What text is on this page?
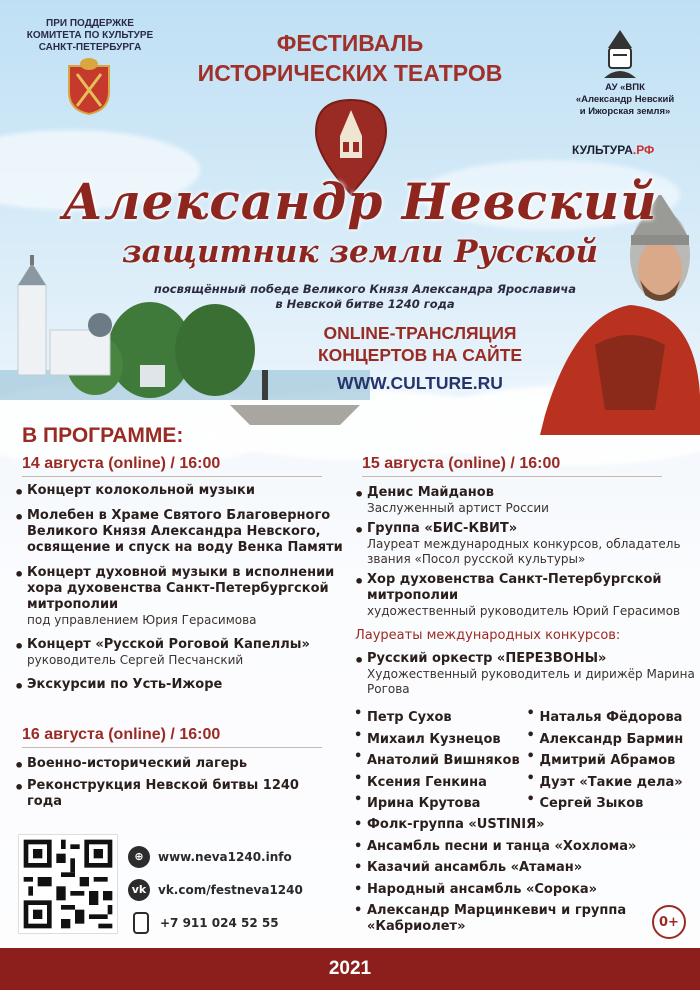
ПРИ ПОДДЕРЖКЕ
КОМИТЕТА ПО КУЛЬТУРЕ
САНКТ-ПЕТЕРБУРГА	ФЕСТИВАЛЬ
ИСТОРИЧЕСКИХ ТЕАТРОВ
АУ «ВПК
«Александр Невский
и Ижорская земля»
КУЛЬТУРА.РФ
Александр Невский
защитник земли Русской
посвящённый победе Великого Князя Александра Ярославича
в Невской битве 1240 года
ONLINE-ТРАНСЛЯЦИЯ
КОНЦЕРТОВ НА САЙТЕ
WWW.CULTURE.RU
В ПРОГРАММЕ:
14 августа (online) / 16:00
• Концерт колокольной музыки
• Молебен в Храме Святого Благоверного Великого Князя Александра Невского, освящение и спуск на воду Венка Памяти
• Концерт духовной музыки в исполнении хора духовенства Санкт-Петербургской митрополии
под управлением Юрия Герасимова
• Концерт «Русской Роговой Капеллы»
руководитель Сергей Песчанский
• Экскурсии по Усть-Ижоре
16 августа (online) / 16:00
• Военно-исторический лагерь
• Реконструкция Невской битвы 1240 года
15 августа (online) / 16:00
• Денис Майданов
Заслуженный артист России
• Группа «БИС-КВИТ»
Лауреат международных конкурсов, обладатель звания «Посол русской культуры»
• Хор духовенства Санкт-Петербургской митрополии
художественный руководитель Юрий Герасимов
Лауреаты международных конкурсов:
• Русский оркестр «ПЕРЕЗВОНЫ»
Художественный руководитель и дирижёр Марина Рогова
• Петр Сухов	• Наталья Фёдорова
• Михаил Кузнецов	• Александр Бармин
• Анатолий Вишняков • Дмитрий Абрамов
• Ксения Генкина	• Дуэт «Такие дела»
• Ирина Крутова	• Сергей Зыков
• Фолк-группа «USTINIЯ»
• Ансамбль песни и танца «Хохлома»
• Казачий ансамбль «Атаман»
• Народный ансамбль «Сорока»
• Александр Марцинкевич и группа «Кабриолет»
⊕	www.neva1240.info
vk vk.com/festneva1240
+7 911 024 52 55	0+
2021
